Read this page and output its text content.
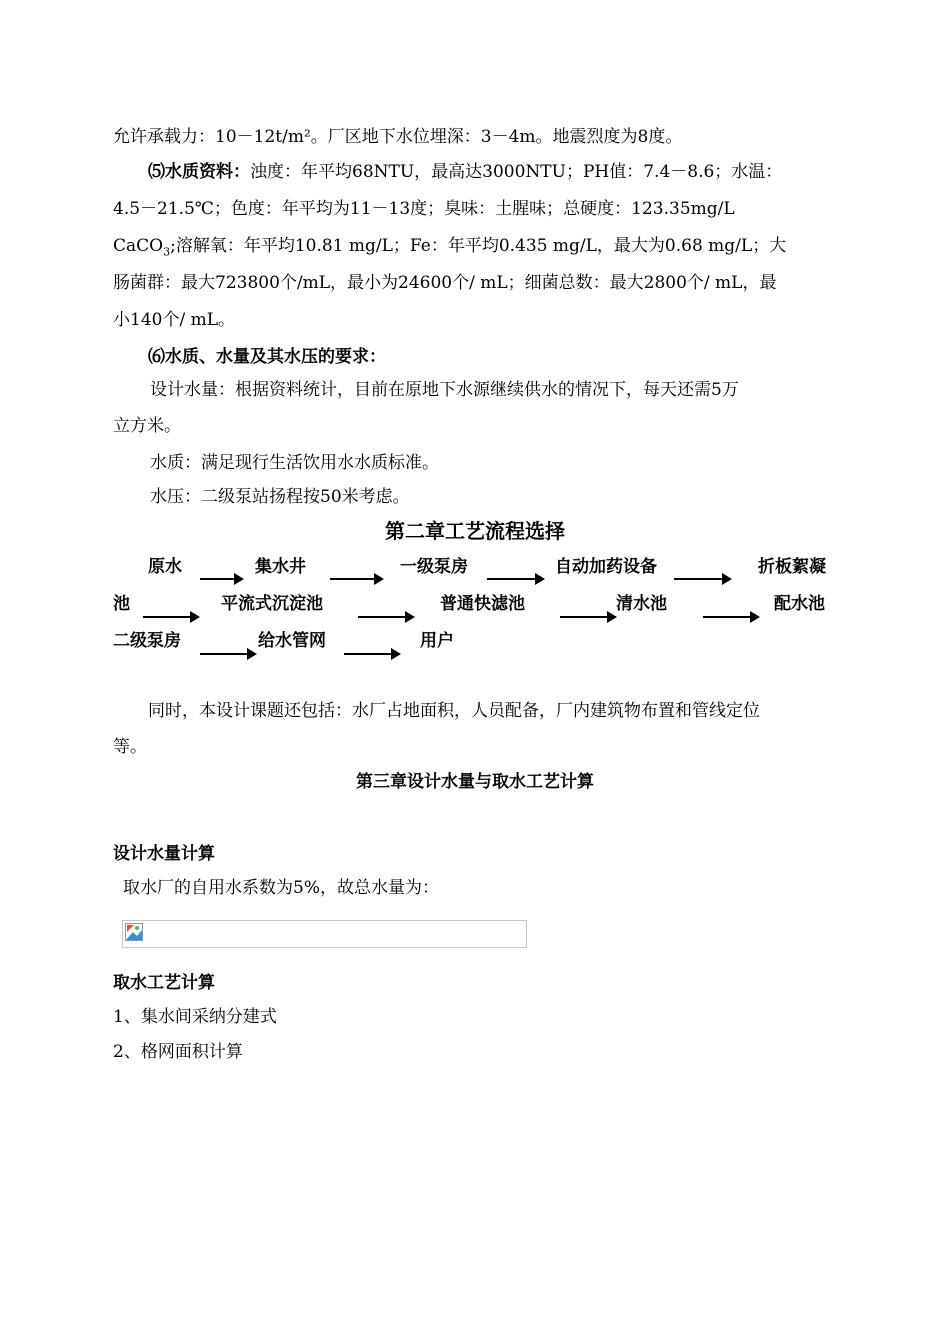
允许承载力：10－12t/m²。厂区地下水位埋深：3－4m。地震烈度为8度。
⑸水质资料：浊度：年平均68NTU，最高达3000NTU；PH值：7.4－8.6；水温：
4.5－21.5℃；色度：年平均为11－13度；臭味：土腥味；总硬度：123.35mg/L
CaCO$_3$;溶解氧：年平均10.81 mg/L；Fe：年平均0.435 mg/L，最大为0.68 mg/L；大
肠菌群：最大723800个/mL，最小为24600个/ mL；细菌总数：最大2800个/ mL，最
小140个/ mL。
⑹水质、水量及其水压的要求：
设计水量：根据资料统计，目前在原地下水源继续供水的情况下，每天还需5万
立方米。
水质：满足现行生活饮用水水质标准。
水压：二级泵站扬程按50米考虑。
第二章工艺流程选择
原水	集水井	一级泵房	自动加药设备	折板絮凝
池	平流式沉淀池	普通快滤池	清水池	配水池
二级泵房	给水管网	用户
同时，本设计课题还包括：水厂占地面积，人员配备，厂内建筑物布置和管线定位
等。
第三章设计水量与取水工艺计算
设计水量计算
取水厂的自用水系数为5%，故总水量为：
取水工艺计算
1、集水间采纳分建式
2、格网面积计算
